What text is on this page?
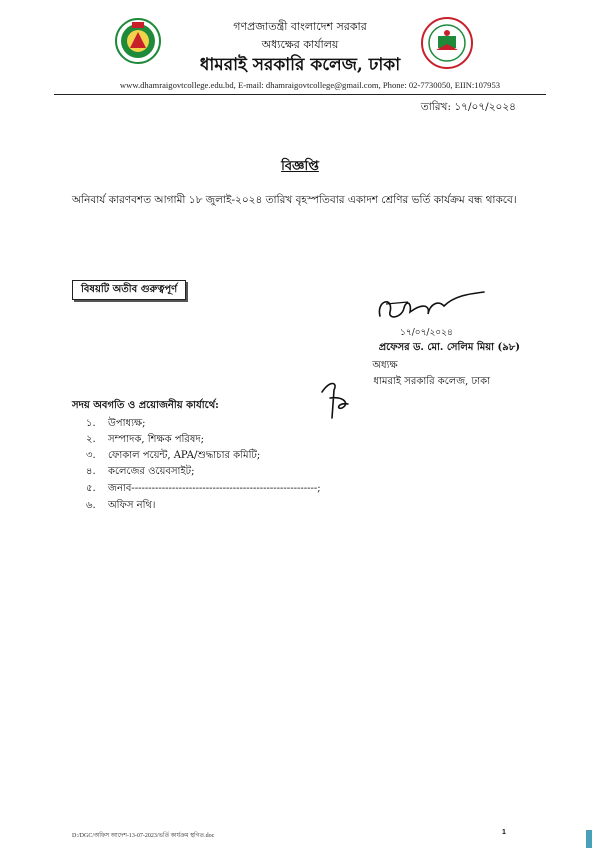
গণপ্রজাতন্ত্রী বাংলাদেশ সরকার
অধ্যক্ষের কার্যালয়
ধামরাই সরকারি কলেজ, ঢাকা
www.dhamraigovtcollege.edu.bd, E-mail: dhamraigovtcollege@gmail.com, Phone: 02-7730050, EIIN:107953
তারিখ: ১৭/০৭/২০২৪
বিজ্ঞপ্তি
অনিবার্য কারণবশত আগামী ১৮ জুলাই-২০২৪ তারিখ বৃহস্পতিবার একাদশ শ্রেণির ভর্তি কার্যক্রম বন্ধ থাকবে।
বিষয়টি অতীব গুরুত্বপূর্ণ
১৭/০৭/২০২৪
প্রফেসর ড. মো. সেলিম মিয়া (৯৮)
অধ্যক্ষ
ধামরাই সরকারি কলেজ, ঢাকা
সদয় অবগতি ও প্রয়োজনীয় কার্যার্থে:
১. উপাধ্যক্ষ;
২. সম্পাদক, শিক্ষক পরিষদ;
৩. ফোকাল পয়েন্ট, APA/শুদ্ধাচার কমিটি;
৪. কলেজের ওয়েবসাইট;
৫. জনাব-------------------------------------------------------;
৬. অফিস নথি।
D:/DGC/অফিস আদেশ-13-07-2023/ভর্তি কার্যক্রম স্থগিত.doc	1
